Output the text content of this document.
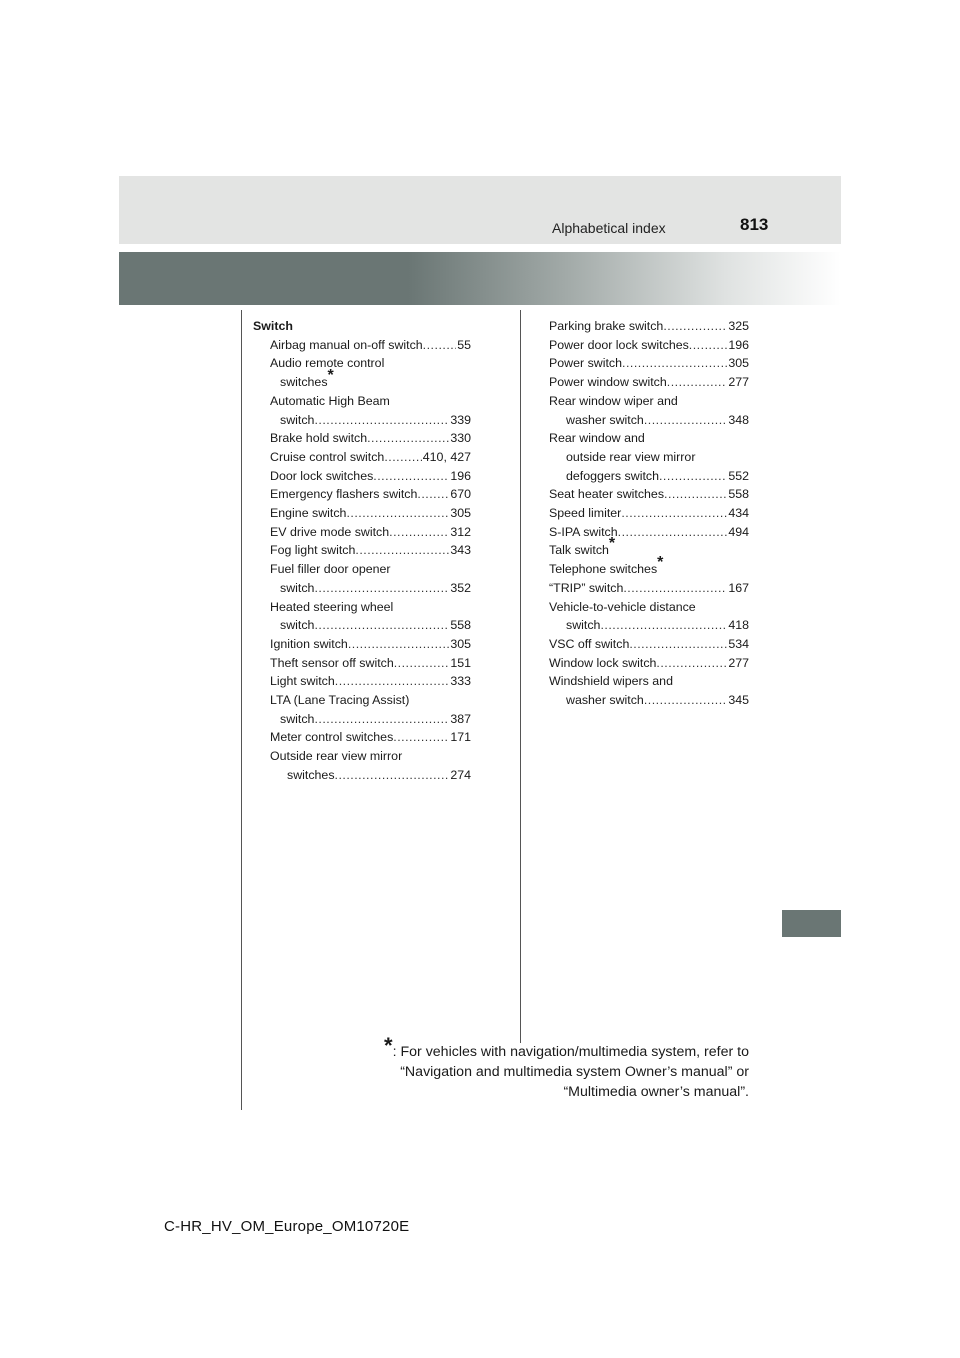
Alphabetical index	813
Switch
Airbag manual on-off switch .....	55
Audio remote control
switches*
Automatic High Beam
switch .....	339
Brake hold switch .....	330
Cruise control switch .....	410, 427
Door lock switches .....	196
Emergency flashers switch .....	670
Engine switch .....	305
EV drive mode switch .....	312
Fog light switch .....	343
Fuel filler door opener
switch .....	352
Heated steering wheel
switch .....	558
Ignition switch .....	305
Theft sensor off switch .....	151
Light switch .....	333
LTA (Lane Tracing Assist)
switch .....	387
Meter control switches .....	171
Outside rear view mirror
switches .....	274
Parking brake switch .....	325
Power door lock switches .....	196
Power switch .....	305
Power window switch .....	277
Rear window wiper and
washer switch .....	348
Rear window and
outside rear view mirror
defoggers switch .....	552
Seat heater switches .....	558
Speed limiter .....	434
S-IPA switch .....	494
Talk switch*
Telephone switches*
“TRIP” switch .....	167
Vehicle-to-vehicle distance
switch .....	418
VSC off switch .....	534
Window lock switch .....	277
Windshield wipers and
washer switch .....	345
*: For vehicles with navigation/multimedia system, refer to
“Navigation and multimedia system Owner’s manual” or
“Multimedia owner’s manual”.
C-HR_HV_OM_Europe_OM10720E
